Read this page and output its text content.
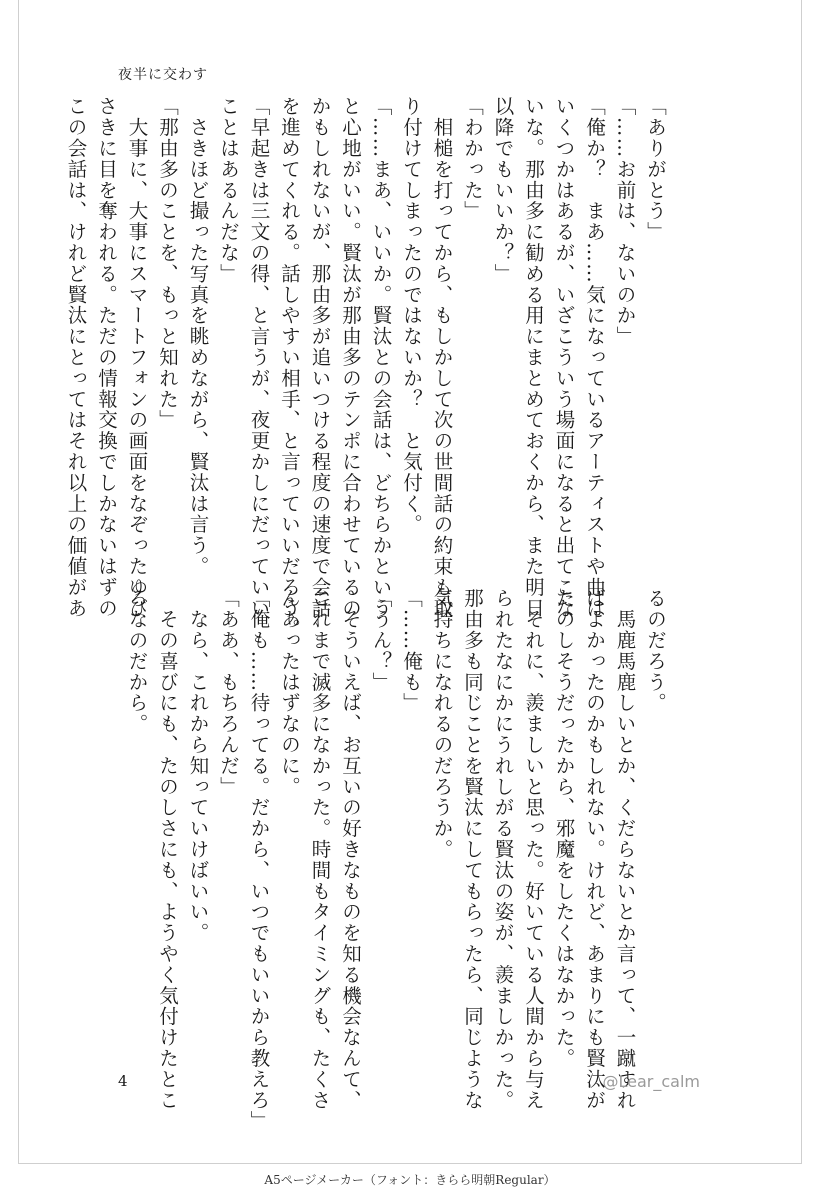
夜半に交わす
「ありがとう」
「……お前は、ないのか」
「俺か？　まあ……気になっているアーティストや曲は
いくつかはあるが、いざこういう場面になると出てこな
いな。那由多に勧める用にまとめておくから、また明日
以降でもいいか？」
「わかった」
　相槌を打ってから、もしかして次の世間話の約束も取
り付けてしまったのではないか？　と気付く。
「……まあ、いいか。賢汰との会話は、どちらかという
と心地がいい。賢汰が那由多のテンポに合わせているの
かもしれないが、那由多が追いつける程度の速度で会話
を進めてくれる。話しやすい相手、と言っていいだろう。
「早起きは三文の得、と言うが、夜更かしにだっていい
ことはあるんだな」
　さきほど撮った写真を眺めながら、賢汰は言う。
「那由多のことを、もっと知れた」
　大事に、大事にスマートフォンの画面をなぞったゆび
さきに目を奪われる。ただの情報交換でしかないはずの
この会話は、けれど賢汰にとってはそれ以上の価値があ
るのだろう。
　馬鹿馬鹿しいとか、くだらないとか言って、一蹴すれ
ばよかったのかもしれない。けれど、あまりにも賢汰が
たのしそうだったから、邪魔をしたくはなかった。
　それに、羨ましいと思った。好いている人間から与え
られたなにかにうれしがる賢汰の姿が、羨ましかった。
那由多も同じことを賢汰にしてもらったら、同じような
気持ちになれるのだろうか。
「……俺も」
「うん？」
　そういえば、お互いの好きなものを知る機会なんて、
これまで滅多になかった。時間もタイミングも、たくさ
んあったはずなのに。
「俺も……待ってる。だから、いつでもいいから教えろ」
「ああ、もちろんだ」
　なら、これから知っていけばいい。
　その喜びにも、たのしさにも、ようやく気付けたとこ
ろなのだから。
4	@Lear_calm
A5ページメーカー（フォント：きらら明朝Regular）
